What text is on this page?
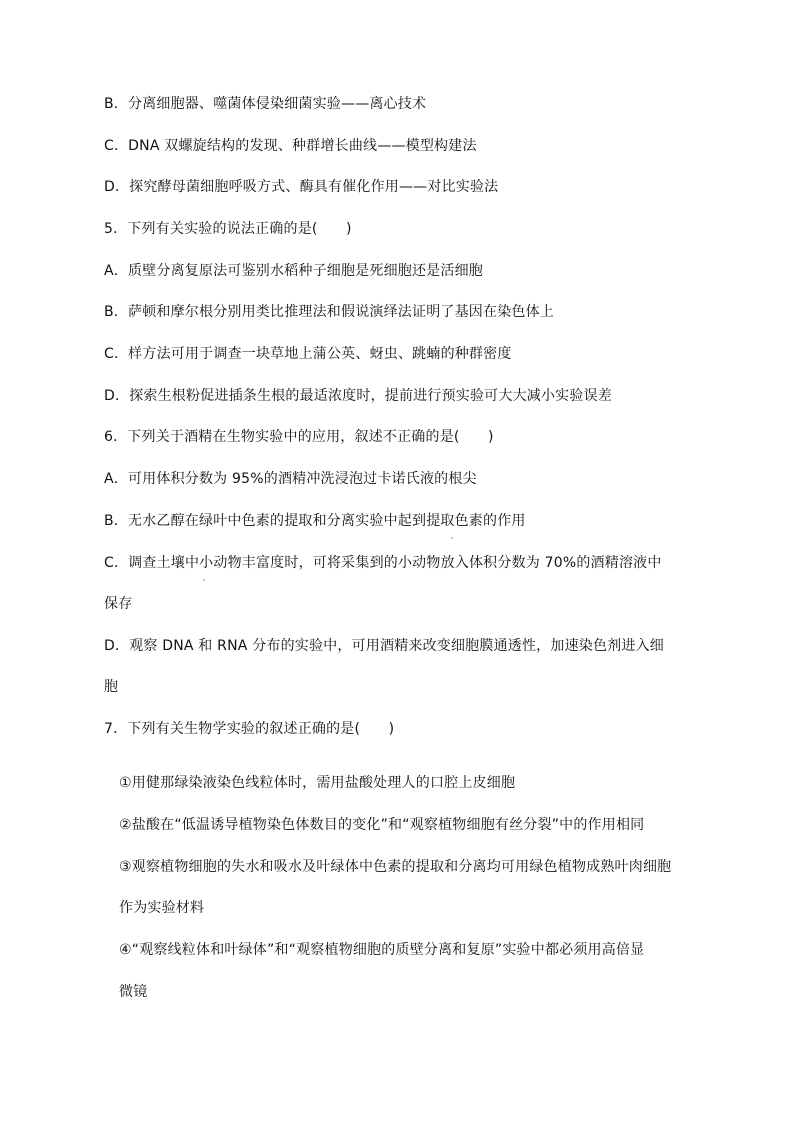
B．分离细胞器、噬菌体侵染细菌实验——离心技术
C．DNA 双螺旋结构的发现、种群增长曲线——模型构建法
D．探究酵母菌细胞呼吸方式、酶具有催化作用——对比实验法
5．下列有关实验的说法正确的是(　　)
A．质壁分离复原法可鉴别水稻种子细胞是死细胞还是活细胞
B．萨顿和摩尔根分别用类比推理法和假说演绎法证明了基因在染色体上
C．样方法可用于调查一块草地上蒲公英、蚜虫、跳蝻的种群密度
D．探索生根粉促进插条生根的最适浓度时，提前进行预实验可大大减小实验误差
6．下列关于酒精在生物实验中的应用，叙述不正确的是(　　)
A．可用体积分数为 95%的酒精冲洗浸泡过卡诺氏液的根尖
B．无水乙醇在绿叶中色素的提取和分离实验中起到提取色素的作用
C．调查土壤中小动物丰富度时，可将采集到的小动物放入体积分数为 70%的酒精溶液中
保存
D．观察 DNA 和 RNA 分布的实验中，可用酒精来改变细胞膜通透性，加速染色剂进入细
胞
7．下列有关生物学实验的叙述正确的是(　　)
①用健那绿染液染色线粒体时，需用盐酸处理人的口腔上皮细胞
②盐酸在“低温诱导植物染色体数目的变化”和“观察植物细胞有丝分裂”中的作用相同
③观察植物细胞的失水和吸水及叶绿体中色素的提取和分离均可用绿色植物成熟叶肉细胞
作为实验材料
④“观察线粒体和叶绿体”和“观察植物细胞的质壁分离和复原”实验中都必须用高倍显
微镜
